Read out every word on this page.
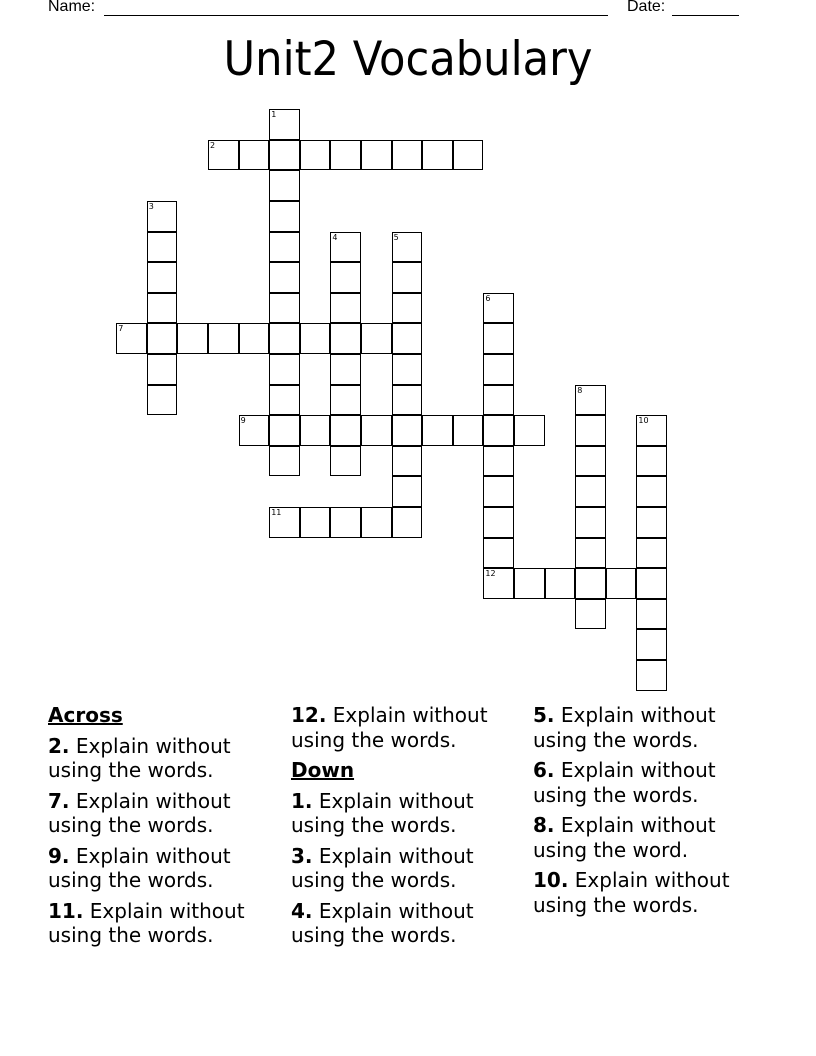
Name:

	Date:

Unit2 Vocabulary
1
2
3
4	5
6
12
7
8
9	10
11
Across
2. Explain without using the words.
7. Explain without using the words.
9. Explain without using the words.
11. Explain without using the words.
12. Explain without using the words.
Down
1. Explain without using the words.
3. Explain without using the words.
4. Explain without using the words.
5. Explain without using the words.
6. Explain without using the words.
8. Explain without using the word.
10. Explain without using the words.
